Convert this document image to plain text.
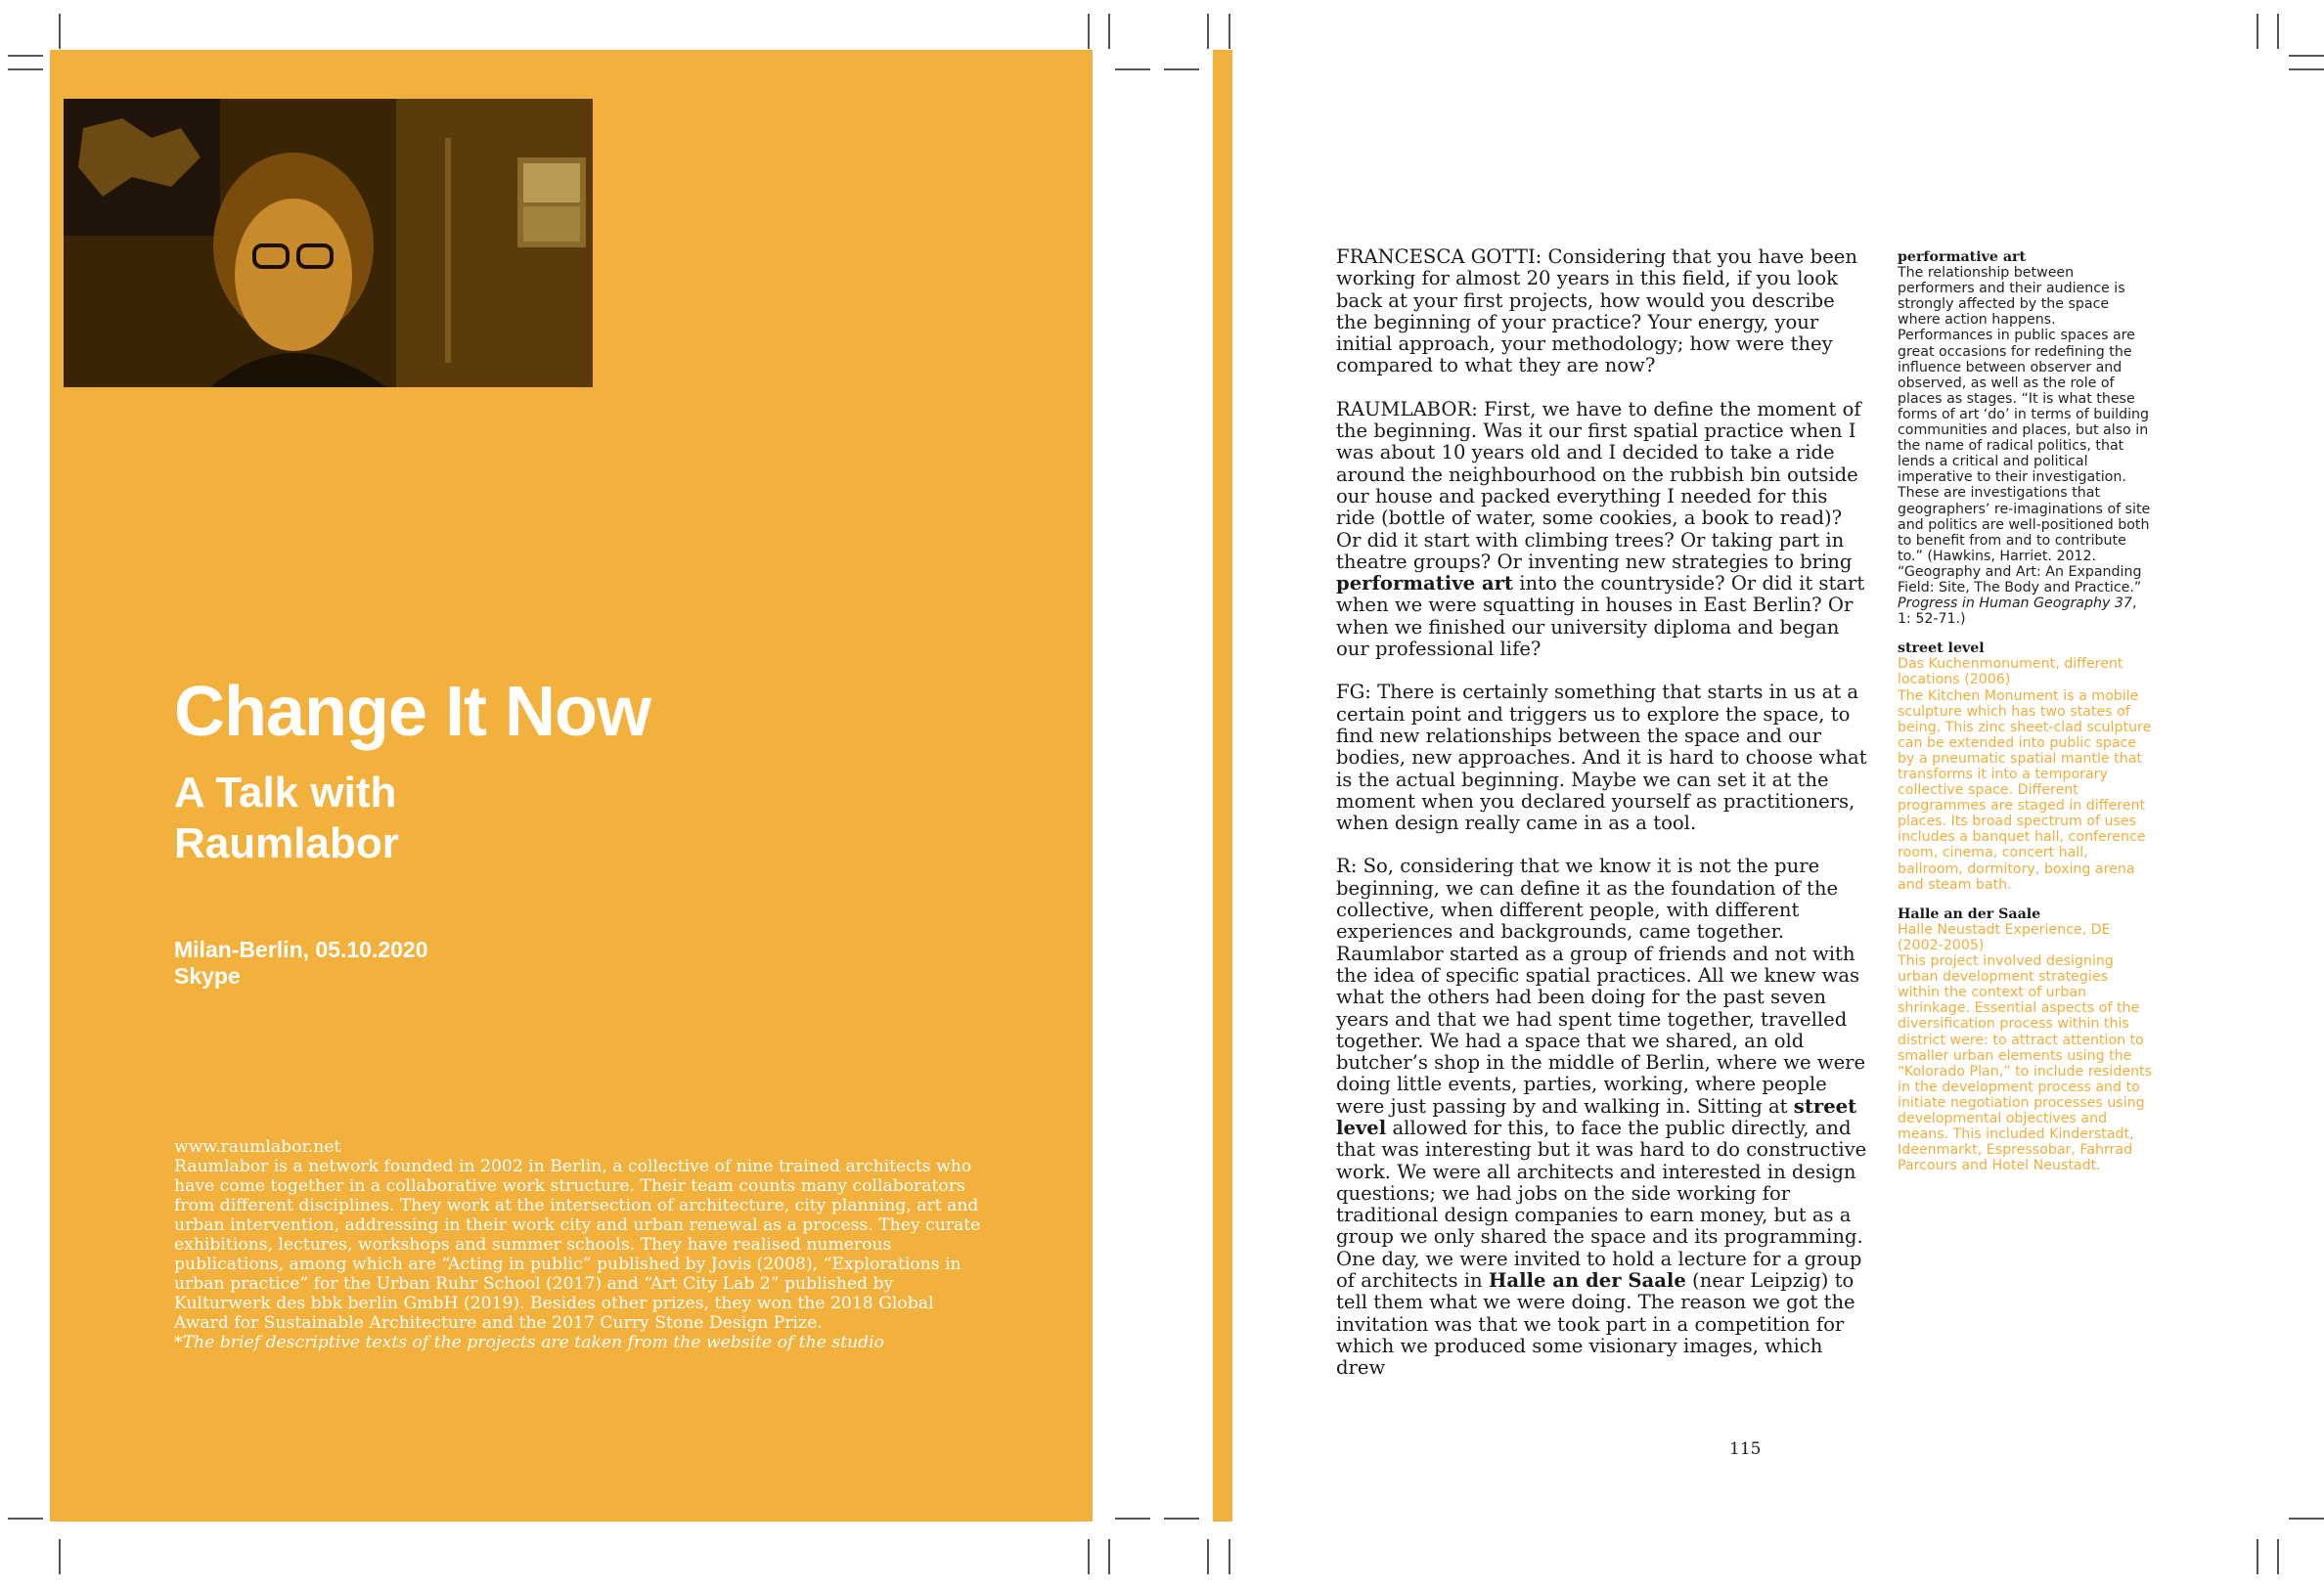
Change It Now
A Talk with
Raumlabor
Milan-Berlin, 05.10.2020
Skype

www.raumlabor.net

Raumlabor is a network founded in 2002 in Berlin, a collective of nine trained architects who have come together in a collaborative work structure. Their team counts many collaborators from different disciplines. They work at the intersection of architecture, city planning, art and urban intervention, addressing in their work city and urban renewal as a process. They curate exhibitions, lectures, workshops and summer schools. They have realised numerous publications, among which are “Acting in public” published by Jovis (2008), “Explorations in urban practice” for the Urban Ruhr School (2017) and “Art City Lab 2” published by Kulturwerk des bbk berlin GmbH (2019). Besides other prizes, they won the 2018 Global Award for Sustainable Architecture and the 2017 Curry Stone Design Prize.

*The brief descriptive texts of the projects are taken from the website of the studio

FRANCESCA GOTTI: Considering that you have been working for almost 20 years in this field, if you look back at your first projects, how would you describe the beginning of your practice? Your energy, your initial approach, your methodology; how were they compared to what they are now?

RAUMLABOR: First, we have to define the moment of the beginning. Was it our first spatial practice when I was about 10 years old and I decided to take a ride around the neighbourhood on the rubbish bin outside our house and packed everything I needed for this ride (bottle of water, some cookies, a book to read)? Or did it start with climbing trees? Or taking part in theatre groups? Or inventing new strategies to bring performative art into the countryside? Or did it start when we were squatting in houses in East Berlin? Or when we finished our university diploma and began our professional life?

FG: There is certainly something that starts in us at a certain point and triggers us to explore the space, to find new relationships between the space and our bodies, new approaches. And it is hard to choose what is the actual beginning. Maybe we can set it at the moment when you declared yourself as practitioners, when design really came in as a tool.

R: So, considering that we know it is not the pure beginning, we can define it as the foundation of the collective, when different people, with different experiences and backgrounds, came together. Raumlabor started as a group of friends and not with the idea of specific spatial practices. All we knew was what the others had been doing for the past seven years and that we had spent time together, travelled together. We had a space that we shared, an old butcher’s shop in the middle of Berlin, where we were doing little events, parties, working, where people were just passing by and walking in. Sitting at street level allowed for this, to face the public directly, and that was interesting but it was hard to do constructive work. We were all architects and interested in design questions; we had jobs on the side working for traditional design companies to earn money, but as a group we only shared the space and its programming. One day, we were invited to hold a lecture for a group of architects in Halle an der Saale (near Leipzig) to tell them what we were doing. The reason we got the invitation was that we took part in a competition for which we produced some visionary images, which drew

performative art
The relationship between performers and their audience is strongly affected by the space where action happens. Performances in public spaces are great occasions for redefining the influence between observer and observed, as well as the role of places as stages. “It is what these forms of art ‘do’ in terms of building communities and places, but also in the name of radical politics, that lends a critical and political imperative to their investigation. These are investigations that geographers’ re-imaginations of site and politics are well-positioned both to benefit from and to contribute to.” (Hawkins, Harriet. 2012. “Geography and Art: An Expanding Field: Site, The Body and Practice.” Progress in Human Geography 37, 1: 52-71.)
street level
Das Kuchenmonument, different locations (2006)
The Kitchen Monument is a mobile sculpture which has two states of being. This zinc sheet-clad sculpture can be extended into public space by a pneumatic spatial mantle that transforms it into a temporary collective space. Different programmes are staged in different places. Its broad spectrum of uses includes a banquet hall, conference room, cinema, concert hall, ballroom, dormitory, boxing arena and steam bath.
Halle an der Saale
Halle Neustadt Experience, DE (2002-2005)
This project involved designing urban development strategies within the context of urban shrinkage. Essential aspects of the diversification process within this district were: to attract attention to smaller urban elements using the “Kolorado Plan,” to include residents in the development process and to initiate negotiation processes using developmental objectives and means. This included Kinderstadt, Ideenmarkt, Espressobar, Fahrrad Parcours and Hotel Neustadt.
115
